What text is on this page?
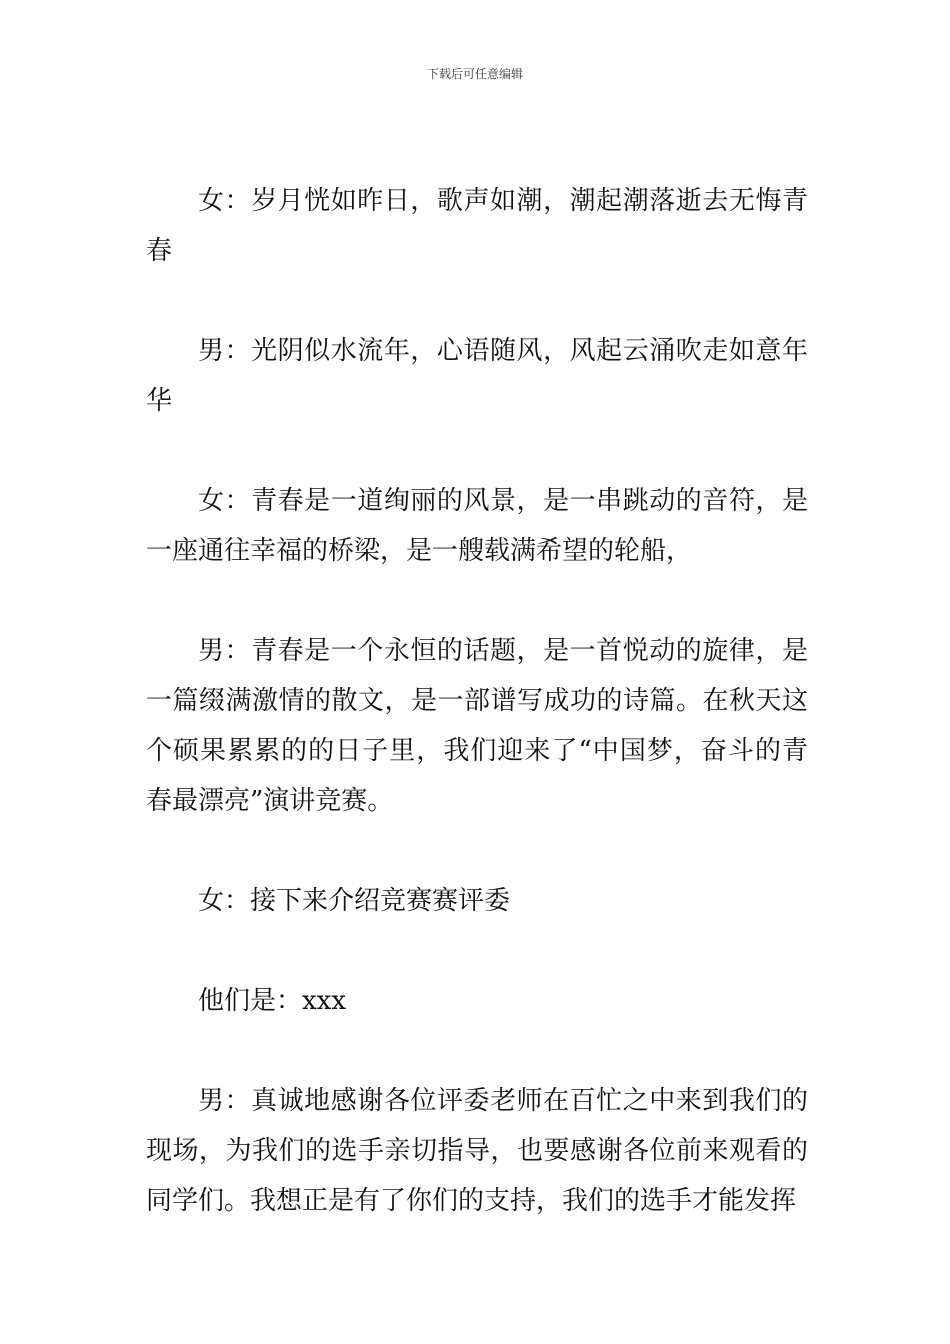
下载后可任意编辑

女：岁月恍如昨日，歌声如潮，潮起潮落逝去无悔青春

男：光阴似水流年，心语随风，风起云涌吹走如意年华

女：青春是一道绚丽的风景，是一串跳动的音符，是一座通往幸福的桥梁，是一艘载满希望的轮船，

男：青春是一个永恒的话题，是一首悦动的旋律，是一篇缀满激情的散文，是一部谱写成功的诗篇。在秋天这个硕果累累的的日子里，我们迎来了“中国梦，奋斗的青春最漂亮”演讲竞赛。

女：接下来介绍竞赛赛评委

他们是：xxx

男：真诚地感谢各位评委老师在百忙之中来到我们的现场，为我们的选手亲切指导，也要感谢各位前来观看的同学们。我想正是有了你们的支持，我们的选手才能发挥
